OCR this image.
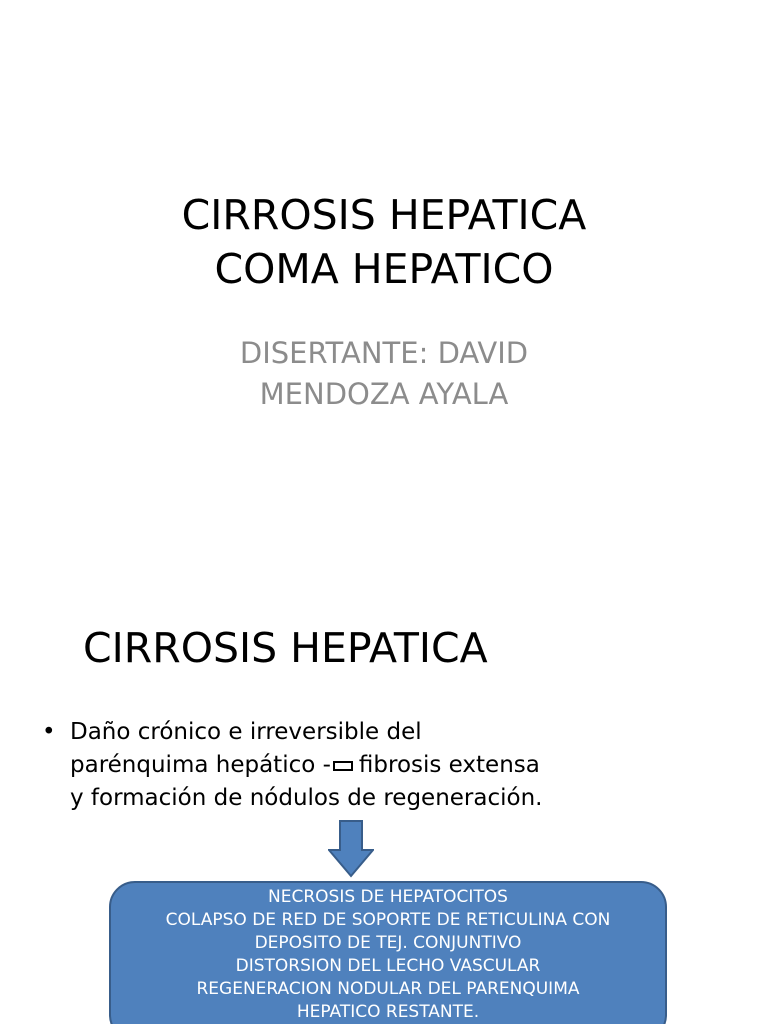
CIRROSIS HEPATICA
COMA HEPATICO
DISERTANTE: DAVID
MENDOZA AYALA
CIRROSIS HEPATICA
• Daño crónico e irreversible del
parénquima hepático - fibrosis extensa
y formación de nódulos de regeneración.
NECROSIS DE HEPATOCITOS
COLAPSO DE RED DE SOPORTE DE RETICULINA CON
DEPOSITO DE TEJ. CONJUNTIVO
DISTORSION DEL LECHO VASCULAR
REGENERACION NODULAR DEL PARENQUIMA
HEPATICO RESTANTE.
